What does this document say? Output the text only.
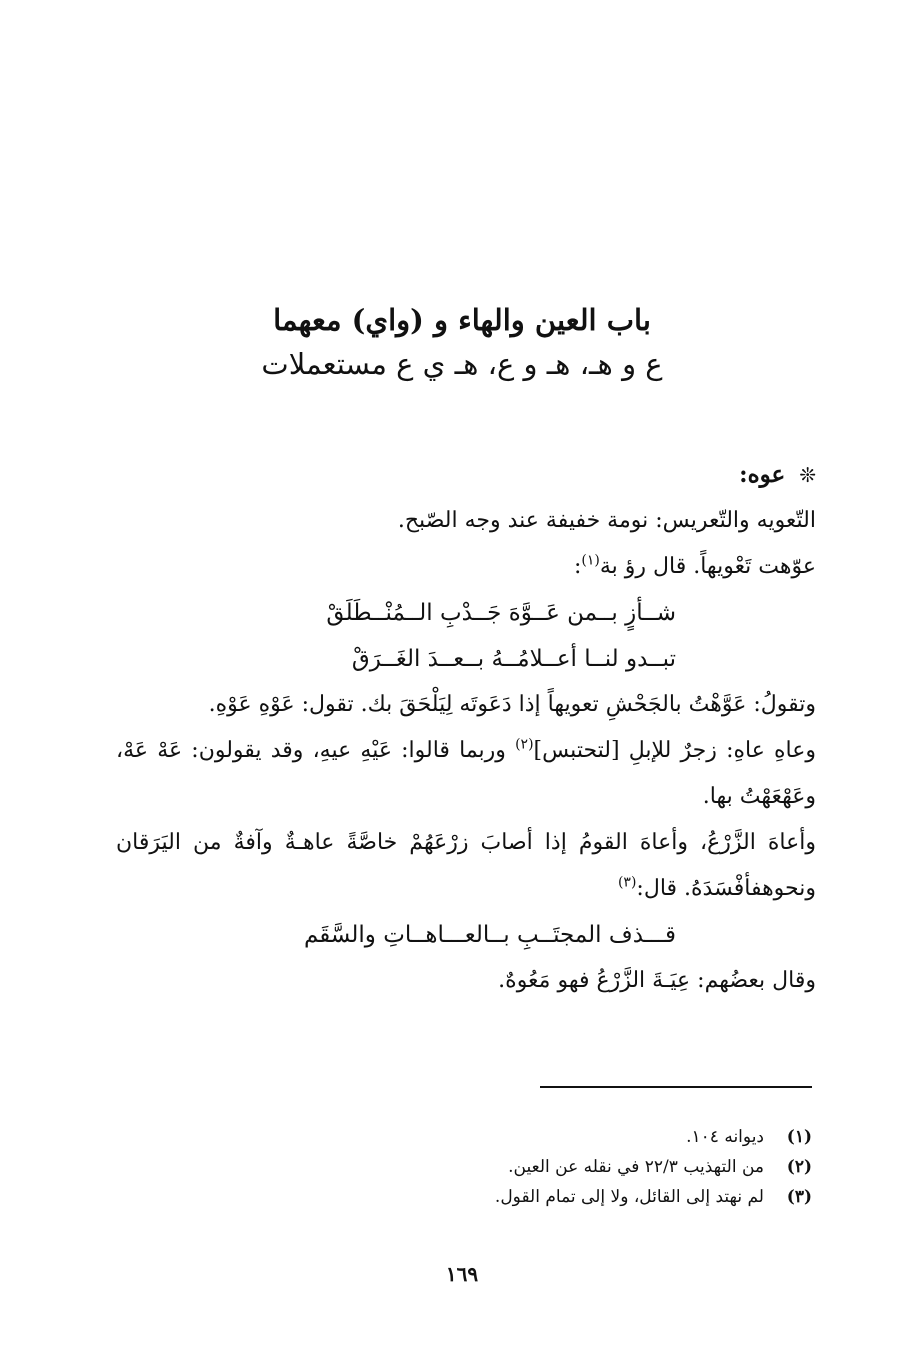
باب العين والهاء و (واي) معهما
ع و هـ، هـ و ع، هـ ي ع مستعملات
❊
عوه:
التّعويه والتّعريس: نومة خفيفة عند وجه الصّبح.
عوّهت تَعْويهاً. قال رؤ بة$^{(١)}$:
شــأزٍ بــمن عَــوَّهَ جَــدْبِ الــمُنْــطَلَقْ
تبــدو لنــا أعــلامُــهُ بــعــدَ الغَــرَقْ
وتقولُ: عَوَّهْتُ بالجَحْشِ تعويهاً إذا دَعَوتَه لِيَلْحَقَ بك. تقول: عَوْهِ عَوْهِ.
وعاهِ عاهِ: زجرٌ للإبلِ [لتحتبس]$^{(٢)}$ وربما قالوا: عَيْهِ عيهِ، وقد يقولون: عَهْ عَهْ، وعَهْعَهْتُ بها.
وأعاهَ الزَّرْعُ، وأعاهَ القومُ إذا أصابَ زرْعَهُمْ خاصَّةً عاهـةٌ وآفةٌ من اليَرَقان ونحوهفأفْسَدَهُ. قال:$^{(٣)}$
قـــذف المجتَــبِ بــالعـــاهــاتِ والسَّقَم
وقال بعضُهم: عِيَـةَ الزَّرْعُ فهو مَعُوهٌ.
(١)
ديوانه ١٠٤.
(٢)
من التهذيب ٢٢/٣ في نقله عن العين.
(٣)
لم نهتد إلى القائل، ولا إلى تمام القول.
١٦٩
